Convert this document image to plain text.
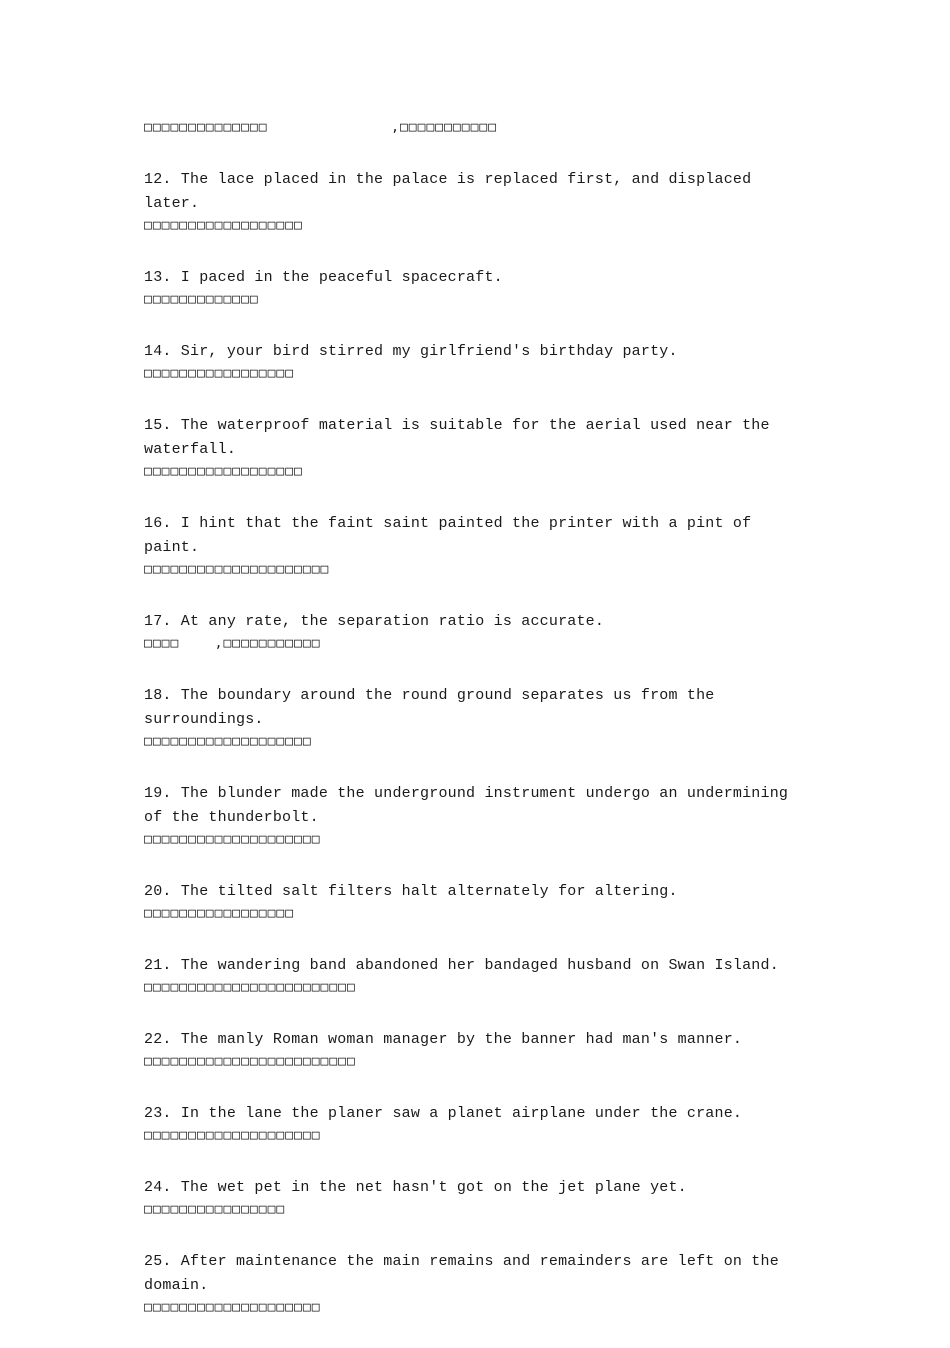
□□□□□□□□□□□□□□              ,□□□□□□□□□□□
12. The lace placed in the palace is replaced first, and displaced later.
□□□□□□□□□□□□□□□□□□
13. I paced in the peaceful spacecraft.
□□□□□□□□□□□□□
14. Sir, your bird stirred my girlfriend's birthday party.
□□□□□□□□□□□□□□□□□
15. The waterproof material is suitable for the aerial used near the waterfall.
□□□□□□□□□□□□□□□□□□
16. I hint that the faint saint painted the printer with a pint of paint.
□□□□□□□□□□□□□□□□□□□□□
17. At any rate, the separation ratio is accurate.
□□□□    ,□□□□□□□□□□□
18. The boundary around the round ground separates us from the surroundings.
□□□□□□□□□□□□□□□□□□□
19. The blunder made the underground instrument undergo an undermining of the thunderbolt.
□□□□□□□□□□□□□□□□□□□□
20. The tilted salt filters halt alternately for altering.
□□□□□□□□□□□□□□□□□
21. The wandering band abandoned her bandaged husband on Swan Island.
□□□□□□□□□□□□□□□□□□□□□□□□
22. The manly Roman woman manager by the banner had man's manner.
□□□□□□□□□□□□□□□□□□□□□□□□
23. In the lane the planer saw a planet airplane under the crane.
□□□□□□□□□□□□□□□□□□□□
24. The wet pet in the net hasn't got on the jet plane yet.
□□□□□□□□□□□□□□□□
25. After maintenance the main remains and remainders are left on the domain.
□□□□□□□□□□□□□□□□□□□□
